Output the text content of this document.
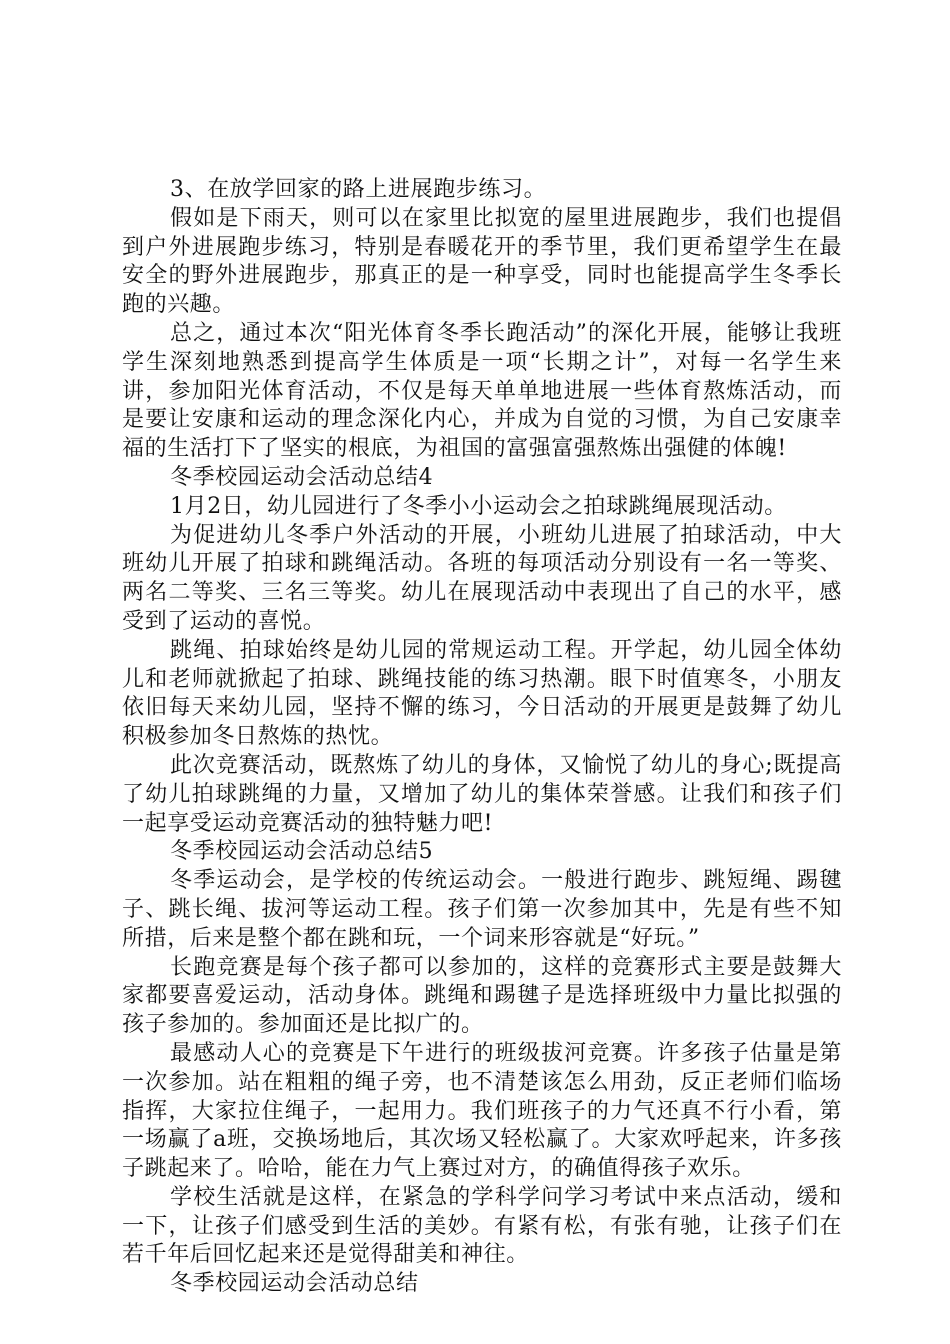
3、在放学回家的路上进展跑步练习。

假如是下雨天，则可以在家里比拟宽的屋里进展跑步，我们也提倡到户外进展跑步练习，特别是春暖花开的季节里，我们更希望学生在最安全的野外进展跑步，那真正的是一种享受，同时也能提高学生冬季长跑的兴趣。

总之，通过本次“阳光体育冬季长跑活动”的深化开展，能够让我班学生深刻地熟悉到提高学生体质是一项“长期之计”，对每一名学生来讲，参加阳光体育活动，不仅是每天单单地进展一些体育熬炼活动，而是要让安康和运动的理念深化内心，并成为自觉的习惯，为自己安康幸福的生活打下了坚实的根底，为祖国的富强富强熬炼出强健的体魄!

冬季校园运动会活动总结4

1月2日，幼儿园进行了冬季小小运动会之拍球跳绳展现活动。

为促进幼儿冬季户外活动的开展，小班幼儿进展了拍球活动，中大班幼儿开展了拍球和跳绳活动。各班的每项活动分别设有一名一等奖、两名二等奖、三名三等奖。幼儿在展现活动中表现出了自己的水平，感受到了运动的喜悦。

跳绳、拍球始终是幼儿园的常规运动工程。开学起，幼儿园全体幼儿和老师就掀起了拍球、跳绳技能的练习热潮。眼下时值寒冬，小朋友依旧每天来幼儿园，坚持不懈的练习，今日活动的开展更是鼓舞了幼儿积极参加冬日熬炼的热忱。

此次竞赛活动，既熬炼了幼儿的身体，又愉悦了幼儿的身心;既提高了幼儿拍球跳绳的力量，又增加了幼儿的集体荣誉感。让我们和孩子们一起享受运动竞赛活动的独特魅力吧!

冬季校园运动会活动总结5

冬季运动会，是学校的传统运动会。一般进行跑步、跳短绳、踢毽子、跳长绳、拔河等运动工程。孩子们第一次参加其中，先是有些不知所措，后来是整个都在跳和玩，一个词来形容就是“好玩。”

长跑竞赛是每个孩子都可以参加的，这样的竞赛形式主要是鼓舞大家都要喜爱运动，活动身体。跳绳和踢毽子是选择班级中力量比拟强的孩子参加的。参加面还是比拟广的。

最感动人心的竞赛是下午进行的班级拔河竞赛。许多孩子估量是第一次参加。站在粗粗的绳子旁，也不清楚该怎么用劲，反正老师们临场指挥，大家拉住绳子，一起用力。我们班孩子的力气还真不行小看，第一场赢了a班，交换场地后，其次场又轻松赢了。大家欢呼起来，许多孩子跳起来了。哈哈，能在力气上赛过对方，的确值得孩子欢乐。

学校生活就是这样，在紧急的学科学问学习考试中来点活动，缓和一下，让孩子们感受到生活的美妙。有紧有松，有张有驰，让孩子们在若千年后回忆起来还是觉得甜美和神往。

冬季校园运动会活动总结
